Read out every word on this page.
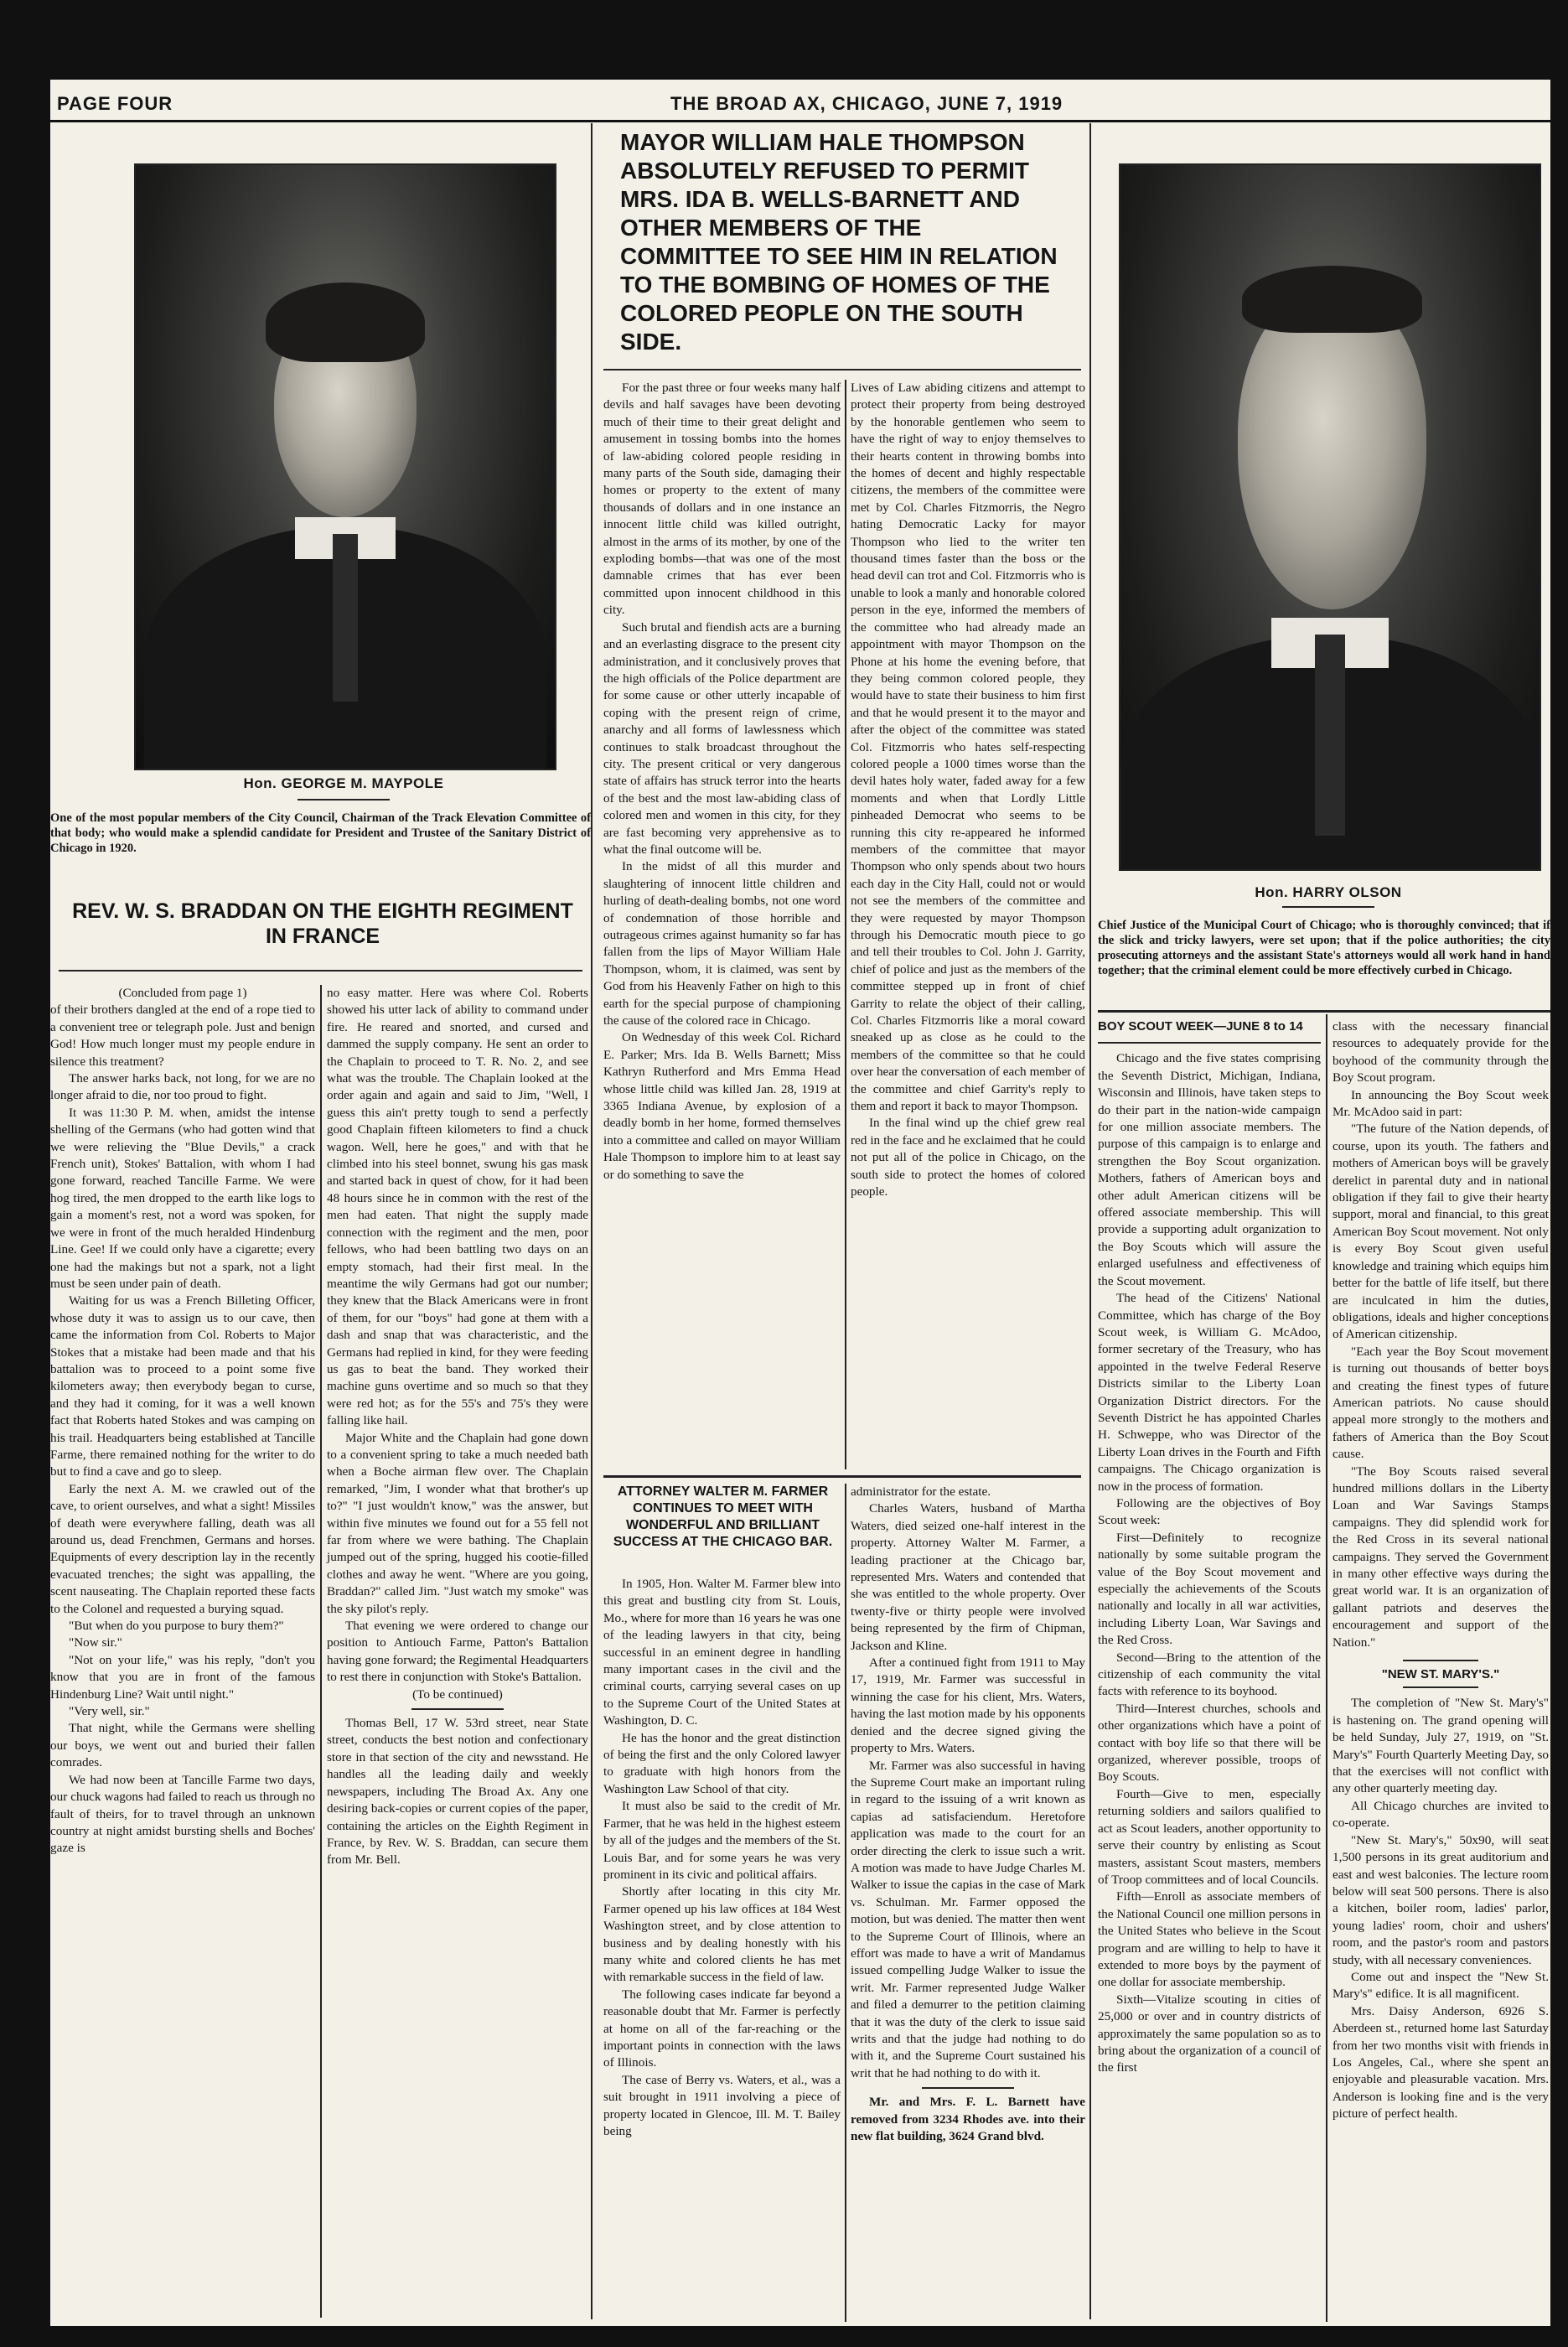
PAGE FOUR	THE BROAD AX, CHICAGO, JUNE 7, 1919
Hon. GEORGE M. MAYPOLE
One of the most popular members of the City Council, Chairman of the Track Elevation Committee of that body; who would make a splendid candidate for President and Trustee of the Sanitary District of Chicago in 1920.
REV. W. S. BRADDAN ON THE EIGHTH REGIMENT IN FRANCE

(Concluded from page 1)

of their brothers dangled at the end of a rope tied to a convenient tree or telegraph pole. Just and benign God! How much longer must my people endure in silence this treatment?

The answer harks back, not long, for we are no longer afraid to die, nor too proud to fight.

It was 11:30 P. M. when, amidst the intense shelling of the Germans (who had gotten wind that we were relieving the "Blue Devils," a crack French unit), Stokes' Battalion, with whom I had gone forward, reached Tancille Farme. We were hog tired, the men dropped to the earth like logs to gain a moment's rest, not a word was spoken, for we were in front of the much heralded Hindenburg Line. Gee! If we could only have a cigarette; every one had the makings but not a spark, not a light must be seen under pain of death.

Waiting for us was a French Billeting Officer, whose duty it was to assign us to our cave, then came the information from Col. Roberts to Major Stokes that a mistake had been made and that his battalion was to proceed to a point some five kilometers away; then everybody began to curse, and they had it coming, for it was a well known fact that Roberts hated Stokes and was camping on his trail. Headquarters being established at Tancille Farme, there remained nothing for the writer to do but to find a cave and go to sleep.

Early the next A. M. we crawled out of the cave, to orient ourselves, and what a sight! Missiles of death were everywhere falling, death was all around us, dead Frenchmen, Germans and horses. Equipments of every description lay in the recently evacuated trenches; the sight was appalling, the scent nauseating. The Chaplain reported these facts to the Colonel and requested a burying squad.

"But when do you purpose to bury them?"

"Now sir."

"Not on your life," was his reply, "don't you know that you are in front of the famous Hindenburg Line? Wait until night."

"Very well, sir."

That night, while the Germans were shelling our boys, we went out and buried their fallen comrades.

We had now been at Tancille Farme two days, our chuck wagons had failed to reach us through no fault of theirs, for to travel through an unknown country at night amidst bursting shells and Boches' gaze is

no easy matter. Here was where Col. Roberts showed his utter lack of ability to command under fire. He reared and snorted, and cursed and dammed the supply company. He sent an order to the Chaplain to proceed to T. R. No. 2, and see what was the trouble. The Chaplain looked at the order again and again and said to Jim, "Well, I guess this ain't pretty tough to send a perfectly good Chaplain fifteen kilometers to find a chuck wagon. Well, here he goes," and with that he climbed into his steel bonnet, swung his gas mask and started back in quest of chow, for it had been 48 hours since he in common with the rest of the men had eaten. That night the supply made connection with the regiment and the men, poor fellows, who had been battling two days on an empty stomach, had their first meal. In the meantime the wily Germans had got our number; they knew that the Black Americans were in front of them, for our "boys" had gone at them with a dash and snap that was characteristic, and the Germans had replied in kind, for they were feeding us gas to beat the band. They worked their machine guns overtime and so much so that they were red hot; as for the 55's and 75's they were falling like hail.

Major White and the Chaplain had gone down to a convenient spring to take a much needed bath when a Boche airman flew over. The Chaplain remarked, "Jim, I wonder what that brother's up to?" "I just wouldn't know," was the answer, but within five minutes we found out for a 55 fell not far from where we were bathing. The Chaplain jumped out of the spring, hugged his cootie-filled clothes and away he went. "Where are you going, Braddan?" called Jim. "Just watch my smoke" was the sky pilot's reply.

That evening we were ordered to change our position to Antiouch Farme, Patton's Battalion having gone forward; the Regimental Headquarters to rest there in conjunction with Stoke's Battalion.

(To be continued)

Thomas Bell, 17 W. 53rd street, near State street, conducts the best notion and confectionary store in that section of the city and newsstand. He handles all the leading daily and weekly newspapers, including The Broad Ax. Any one desiring back-copies or current copies of the paper, containing the articles on the Eighth Regiment in France, by Rev. W. S. Braddan, can secure them from Mr. Bell.

MAYOR WILLIAM HALE THOMPSON ABSOLUTELY REFUSED TO PERMIT MRS. IDA B. WELLS-BARNETT AND OTHER MEMBERS OF THE COMMITTEE TO SEE HIM IN RELATION TO THE BOMBING OF HOMES OF THE COLORED PEOPLE ON THE SOUTH SIDE.

For the past three or four weeks many half devils and half savages have been devoting much of their time to their great delight and amusement in tossing bombs into the homes of law-abiding colored people residing in many parts of the South side, damaging their homes or property to the extent of many thousands of dollars and in one instance an innocent little child was killed outright, almost in the arms of its mother, by one of the exploding bombs—that was one of the most damnable crimes that has ever been committed upon innocent childhood in this city.

Such brutal and fiendish acts are a burning and an everlasting disgrace to the present city administration, and it conclusively proves that the high officials of the Police department are for some cause or other utterly incapable of coping with the present reign of crime, anarchy and all forms of lawlessness which continues to stalk broadcast throughout the city. The present critical or very dangerous state of affairs has struck terror into the hearts of the best and the most law-abiding class of colored men and women in this city, for they are fast becoming very apprehensive as to what the final outcome will be.

In the midst of all this murder and slaughtering of innocent little children and hurling of death-dealing bombs, not one word of condemnation of those horrible and outrageous crimes against humanity so far has fallen from the lips of Mayor William Hale Thompson, whom, it is claimed, was sent by God from his Heavenly Father on high to this earth for the special purpose of championing the cause of the colored race in Chicago.

On Wednesday of this week Col. Richard E. Parker; Mrs. Ida B. Wells Barnett; Miss Kathryn Rutherford and Mrs Emma Head whose little child was killed Jan. 28, 1919 at 3365 Indiana Avenue, by explosion of a deadly bomb in her home, formed themselves into a committee and called on mayor William Hale Thompson to implore him to at least say or do something to save the

Lives of Law abiding citizens and attempt to protect their property from being destroyed by the honorable gentlemen who seem to have the right of way to enjoy themselves to their hearts content in throwing bombs into the homes of decent and highly respectable citizens, the members of the committee were met by Col. Charles Fitzmorris, the Negro hating Democratic Lacky for mayor Thompson who lied to the writer ten thousand times faster than the boss or the head devil can trot and Col. Fitzmorris who is unable to look a manly and honorable colored person in the eye, informed the members of the committee who had already made an appointment with mayor Thompson on the Phone at his home the evening before, that they being common colored people, they would have to state their business to him first and that he would present it to the mayor and after the object of the committee was stated Col. Fitzmorris who hates self-respecting colored people a 1000 times worse than the devil hates holy water, faded away for a few moments and when that Lordly Little pinheaded Democrat who seems to be running this city re-appeared he informed members of the committee that mayor Thompson who only spends about two hours each day in the City Hall, could not or would not see the members of the committee and they were requested by mayor Thompson through his Democratic mouth piece to go and tell their troubles to Col. John J. Garrity, chief of police and just as the members of the committee stepped up in front of chief Garrity to relate the object of their calling, Col. Charles Fitzmorris like a moral coward sneaked up as close as he could to the members of the committee so that he could over hear the conversation of each member of the committee and chief Garrity's reply to them and report it back to mayor Thompson.

In the final wind up the chief grew real red in the face and he exclaimed that he could not put all of the police in Chicago, on the south side to protect the homes of colored people.

ATTORNEY WALTER M. FARMER CONTINUES TO MEET WITH WONDERFUL AND BRILLIANT SUCCESS AT THE CHICAGO BAR.

In 1905, Hon. Walter M. Farmer blew into this great and bustling city from St. Louis, Mo., where for more than 16 years he was one of the leading lawyers in that city, being successful in an eminent degree in handling many important cases in the civil and the criminal courts, carrying several cases on up to the Supreme Court of the United States at Washington, D. C.

He has the honor and the great distinction of being the first and the only Colored lawyer to graduate with high honors from the Washington Law School of that city.

It must also be said to the credit of Mr. Farmer, that he was held in the highest esteem by all of the judges and the members of the St. Louis Bar, and for some years he was very prominent in its civic and political affairs.

Shortly after locating in this city Mr. Farmer opened up his law offices at 184 West Washington street, and by close attention to business and by dealing honestly with his many white and colored clients he has met with remarkable success in the field of law.

The following cases indicate far beyond a reasonable doubt that Mr. Farmer is perfectly at home on all of the far-reaching or the important points in connection with the laws of Illinois.

The case of Berry vs. Waters, et al., was a suit brought in 1911 involving a piece of property located in Glencoe, Ill. M. T. Bailey being

administrator for the estate.

Charles Waters, husband of Martha Waters, died seized one-half interest in the property. Attorney Walter M. Farmer, a leading practioner at the Chicago bar, represented Mrs. Waters and contended that she was entitled to the whole property. Over twenty-five or thirty people were involved being represented by the firm of Chipman, Jackson and Kline.

After a continued fight from 1911 to May 17, 1919, Mr. Farmer was successful in winning the case for his client, Mrs. Waters, having the last motion made by his opponents denied and the decree signed giving the property to Mrs. Waters.

Mr. Farmer was also successful in having the Supreme Court make an important ruling in regard to the issuing of a writ known as capias ad satisfaciendum. Heretofore application was made to the court for an order directing the clerk to issue such a writ. A motion was made to have Judge Charles M. Walker to issue the capias in the case of Mark vs. Schulman. Mr. Farmer opposed the motion, but was denied. The matter then went to the Supreme Court of Illinois, where an effort was made to have a writ of Mandamus issued compelling Judge Walker to issue the writ. Mr. Farmer represented Judge Walker and filed a demurrer to the petition claiming that it was the duty of the clerk to issue said writs and that the judge had nothing to do with it, and the Supreme Court sustained his writ that he had nothing to do with it.

Mr. and Mrs. F. L. Barnett have removed from 3234 Rhodes ave. into their new flat building, 3624 Grand blvd.

Hon. HARRY OLSON
Chief Justice of the Municipal Court of Chicago; who is thoroughly convinced; that if the slick and tricky lawyers, were set upon; that if the police authorities; the city prosecuting attorneys and the assistant State's attorneys would all work hand in hand together; that the criminal element could be more effectively curbed in Chicago.
BOY SCOUT WEEK—JUNE 8 to 14

Chicago and the five states comprising the Seventh District, Michigan, Indiana, Wisconsin and Illinois, have taken steps to do their part in the nation-wide campaign for one million associate members. The purpose of this campaign is to enlarge and strengthen the Boy Scout organization. Mothers, fathers of American boys and other adult American citizens will be offered associate membership. This will provide a supporting adult organization to the Boy Scouts which will assure the enlarged usefulness and effectiveness of the Scout movement.

The head of the Citizens' National Committee, which has charge of the Boy Scout week, is William G. McAdoo, former secretary of the Treasury, who has appointed in the twelve Federal Reserve Districts similar to the Liberty Loan Organization District directors. For the Seventh District he has appointed Charles H. Schweppe, who was Director of the Liberty Loan drives in the Fourth and Fifth campaigns. The Chicago organization is now in the process of formation.

Following are the objectives of Boy Scout week:

First—Definitely to recognize nationally by some suitable program the value of the Boy Scout movement and especially the achievements of the Scouts nationally and locally in all war activities, including Liberty Loan, War Savings and the Red Cross.

Second—Bring to the attention of the citizenship of each community the vital facts with reference to its boyhood.

Third—Interest churches, schools and other organizations which have a point of contact with boy life so that there will be organized, wherever possible, troops of Boy Scouts.

Fourth—Give to men, especially returning soldiers and sailors qualified to act as Scout leaders, another opportunity to serve their country by enlisting as Scout masters, assistant Scout masters, members of Troop committees and of local Councils.

Fifth—Enroll as associate members of the National Council one million persons in the United States who believe in the Scout program and are willing to help to have it extended to more boys by the payment of one dollar for associate membership.

Sixth—Vitalize scouting in cities of 25,000 or over and in country districts of approximately the same population so as to bring about the organization of a council of the first

class with the necessary financial resources to adequately provide for the boyhood of the community through the Boy Scout program.

In announcing the Boy Scout week Mr. McAdoo said in part:

"The future of the Nation depends, of course, upon its youth. The fathers and mothers of American boys will be gravely derelict in parental duty and in national obligation if they fail to give their hearty support, moral and financial, to this great American Boy Scout movement. Not only is every Boy Scout given useful knowledge and training which equips him better for the battle of life itself, but there are inculcated in him the duties, obligations, ideals and higher conceptions of American citizenship.

"Each year the Boy Scout movement is turning out thousands of better boys and creating the finest types of future American patriots. No cause should appeal more strongly to the mothers and fathers of America than the Boy Scout cause.

"The Boy Scouts raised several hundred millions dollars in the Liberty Loan and War Savings Stamps campaigns. They did splendid work for the Red Cross in its several national campaigns. They served the Government in many other effective ways during the great world war. It is an organization of gallant patriots and deserves the encouragement and support of the Nation."

"NEW ST. MARY'S."

The completion of "New St. Mary's" is hastening on. The grand opening will be held Sunday, July 27, 1919, on "St. Mary's" Fourth Quarterly Meeting Day, so that the exercises will not conflict with any other quarterly meeting day.

All Chicago churches are invited to co-operate.

"New St. Mary's," 50x90, will seat 1,500 persons in its great auditorium and east and west balconies. The lecture room below will seat 500 persons. There is also a kitchen, boiler room, ladies' parlor, young ladies' room, choir and ushers' room, and the pastor's room and pastors study, with all necessary conveniences.

Come out and inspect the "New St. Mary's" edifice. It is all magnificent.

Mrs. Daisy Anderson, 6926 S. Aberdeen st., returned home last Saturday from her two months visit with friends in Los Angeles, Cal., where she spent an enjoyable and pleasurable vacation. Mrs. Anderson is looking fine and is the very picture of perfect health.
